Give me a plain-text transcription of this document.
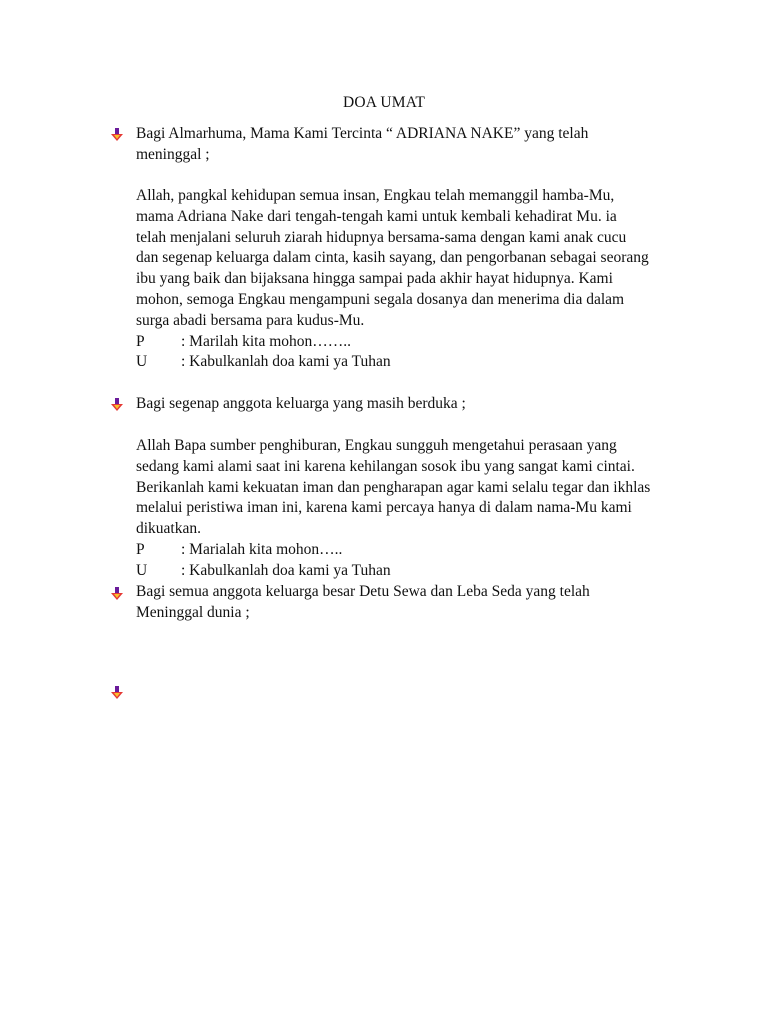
DOA UMAT
Bagi Almarhuma, Mama Kami Tercinta “ ADRIANA NAKE” yang telah
meninggal ;
Allah, pangkal kehidupan semua insan, Engkau telah memanggil hamba-Mu,
mama Adriana Nake dari tengah-tengah kami untuk kembali kehadirat Mu. ia
telah menjalani seluruh ziarah hidupnya bersama-sama dengan kami anak cucu
dan segenap keluarga dalam cinta, kasih sayang, dan pengorbanan sebagai seorang
ibu yang baik dan bijaksana hingga sampai pada akhir hayat hidupnya. Kami
mohon, semoga Engkau mengampuni segala dosanya dan menerima dia dalam
surga abadi bersama para kudus-Mu.
P	: Marilah kita mohon……..
U	: Kabulkanlah doa kami ya Tuhan
Bagi segenap anggota keluarga yang masih berduka ;
Allah Bapa sumber penghiburan, Engkau sungguh mengetahui perasaan yang
sedang kami alami saat ini karena kehilangan sosok ibu yang sangat kami cintai.
Berikanlah kami kekuatan iman dan pengharapan agar kami selalu tegar dan ikhlas
melalui peristiwa iman ini, karena kami percaya hanya di dalam nama-Mu kami
dikuatkan.
P	: Marialah kita mohon…..
U	: Kabulkanlah doa kami ya Tuhan
Bagi semua anggota keluarga besar Detu Sewa dan Leba Seda yang telah
Meninggal dunia ;
